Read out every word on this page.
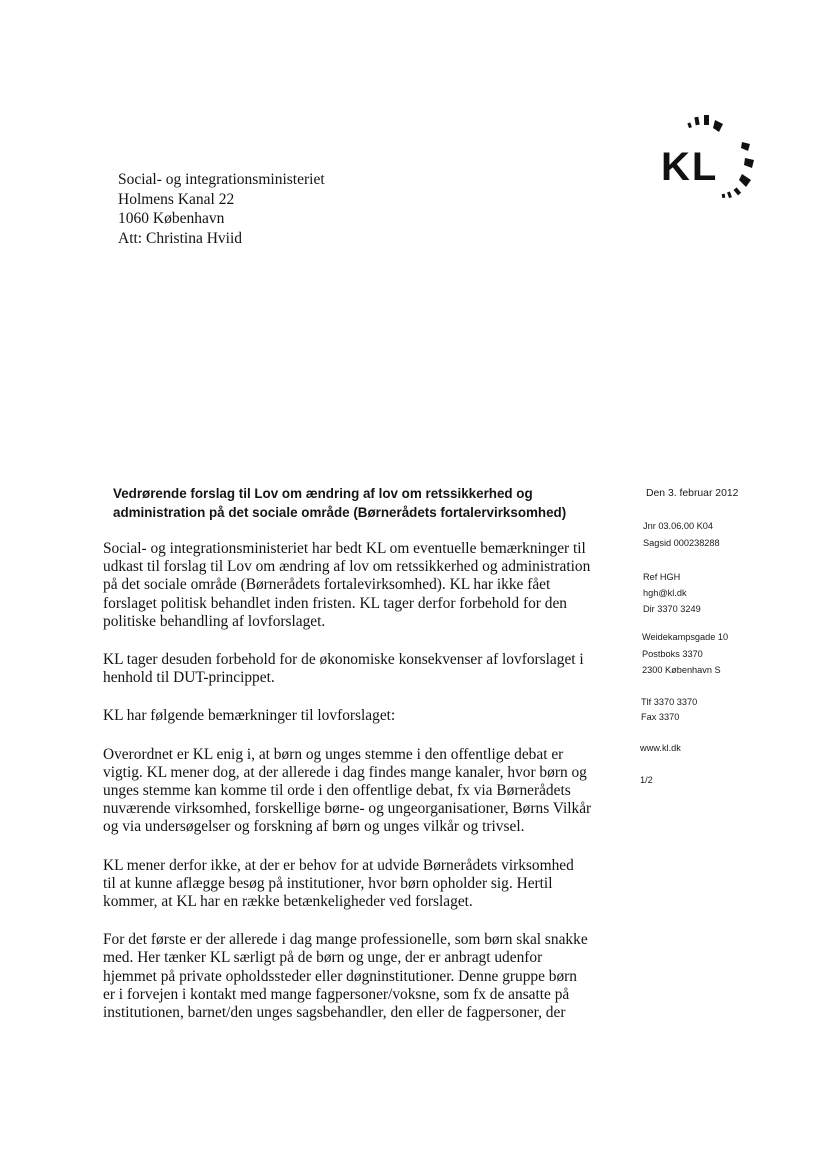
KL
Social- og integrationsministeriet
Holmens Kanal 22
1060 København
Att: Christina Hviid
Vedrørende forslag til Lov om ændring af lov om retssikkerhed og
administration på det sociale område (Børnerådets fortalervirksomhed)
Social- og integrationsministeriet har bedt KL om eventuelle bemærkninger til
udkast til forslag til Lov om ændring af lov om retssikkerhed og administration
på det sociale område (Børnerådets fortalevirksomhed). KL har ikke fået
forslaget politisk behandlet inden fristen. KL tager derfor forbehold for den
politiske behandling af lovforslaget.
KL tager desuden forbehold for de økonomiske konsekvenser af lovforslaget i
henhold til DUT-princippet.
KL har følgende bemærkninger til lovforslaget:
Overordnet er KL enig i, at børn og unges stemme i den offentlige debat er
vigtig. KL mener dog, at der allerede i dag findes mange kanaler, hvor børn og
unges stemme kan komme til orde i den offentlige debat, fx via Børnerådets
nuværende virksomhed, forskellige børne- og ungeorganisationer, Børns Vilkår
og via undersøgelser og forskning af børn og unges vilkår og trivsel.
KL mener derfor ikke, at der er behov for at udvide Børnerådets virksomhed
til at kunne aflægge besøg på institutioner, hvor børn opholder sig. Hertil
kommer, at KL har en række betænkeligheder ved forslaget.
For det første er der allerede i dag mange professionelle, som børn skal snakke
med. Her tænker KL særligt på de børn og unge, der er anbragt udenfor
hjemmet på private opholdssteder eller døgninstitutioner. Denne gruppe børn
er i forvejen i kontakt med mange fagpersoner/voksne, som fx de ansatte på
institutionen, barnet/den unges sagsbehandler, den eller de fagpersoner, der
Den 3. februar 2012
Jnr 03.06.00 K04
Sagsid 000238288
Ref HGH
hgh@kl.dk
Dir 3370 3249
Weidekampsgade 10
Postboks 3370
2300 København S
Tlf 3370 3370
Fax 3370
www.kl.dk
1/2
